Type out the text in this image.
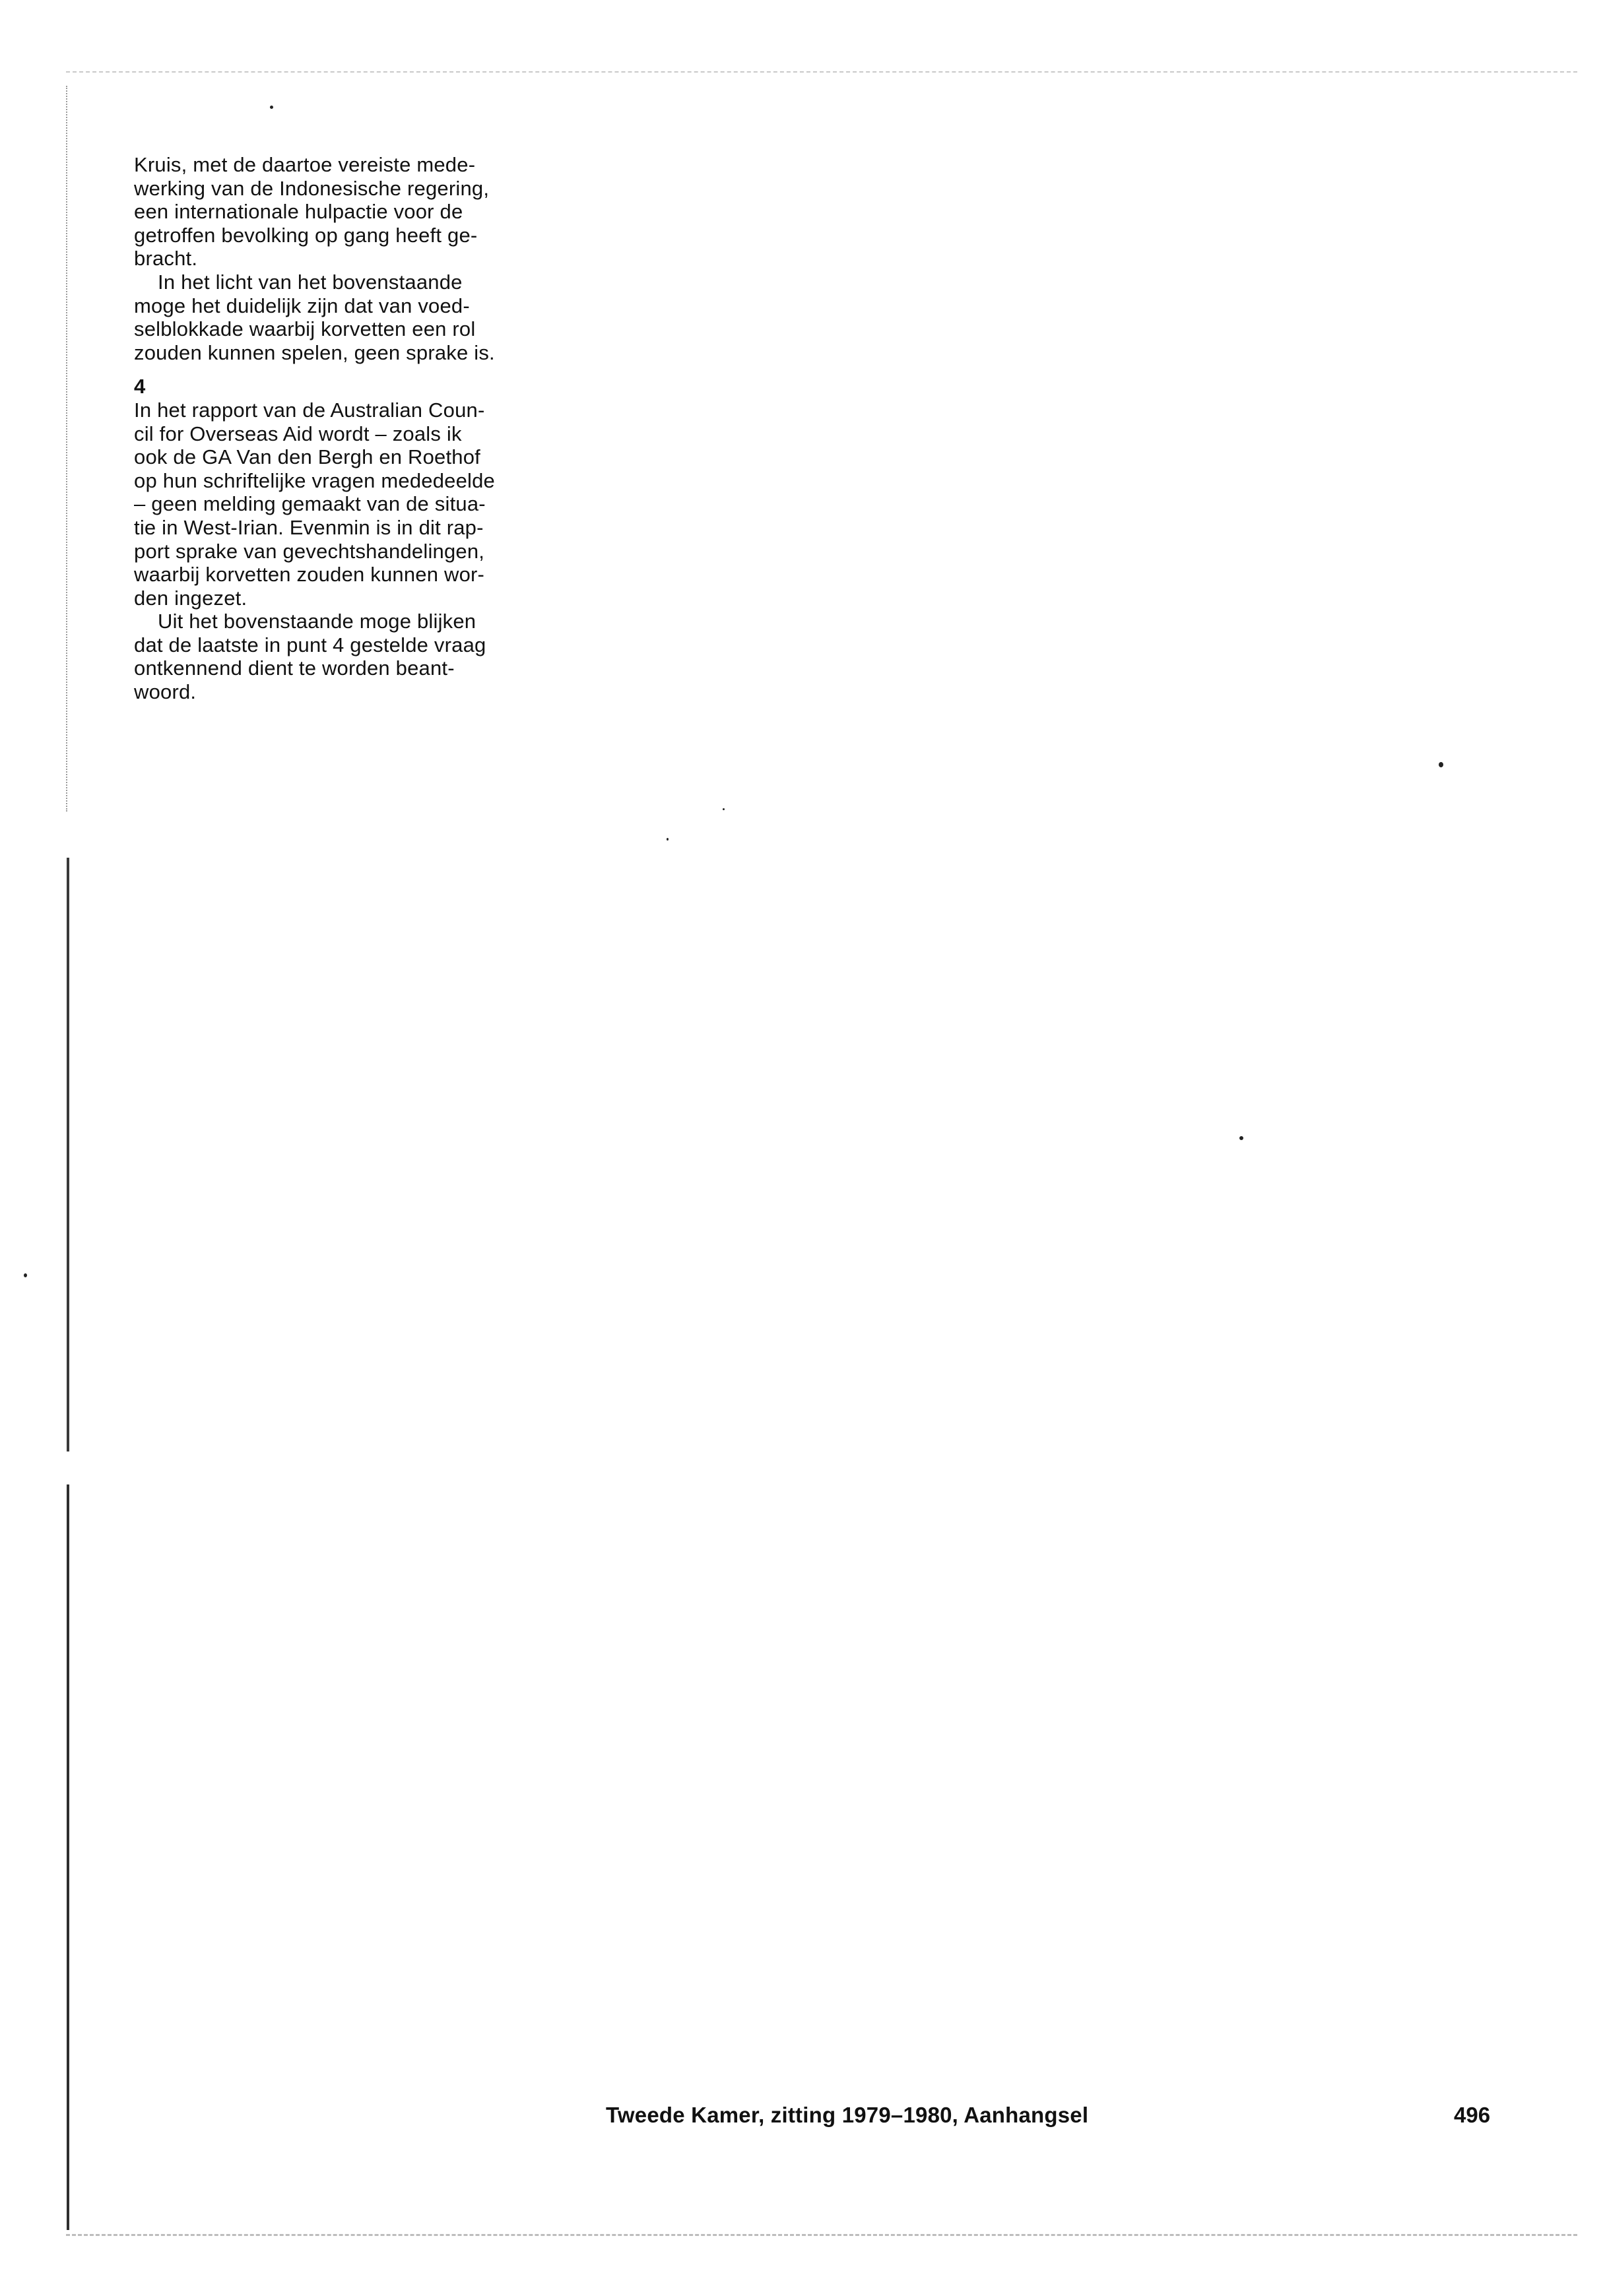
Kruis, met de daartoe vereiste mede-
werking van de Indonesische regering,
een internationale hulpactie voor de
getroffen bevolking op gang heeft ge-
bracht.

In het licht van het bovenstaande
moge het duidelijk zijn dat van voed-
selblokkade waarbij korvetten een rol
zouden kunnen spelen, geen sprake is.

4

In het rapport van de Australian Coun-
cil for Overseas Aid wordt – zoals ik
ook de GA Van den Bergh en Roethof
op hun schriftelijke vragen mededeelde
– geen melding gemaakt van de situa-
tie in West-Irian. Evenmin is in dit rap-
port sprake van gevechtshandelingen,
waarbij korvetten zouden kunnen wor-
den ingezet.

Uit het bovenstaande moge blijken
dat de laatste in punt 4 gestelde vraag
ontkennend dient te worden beant-
woord.

Tweede Kamer, zitting 1979–1980, Aanhangsel	496
